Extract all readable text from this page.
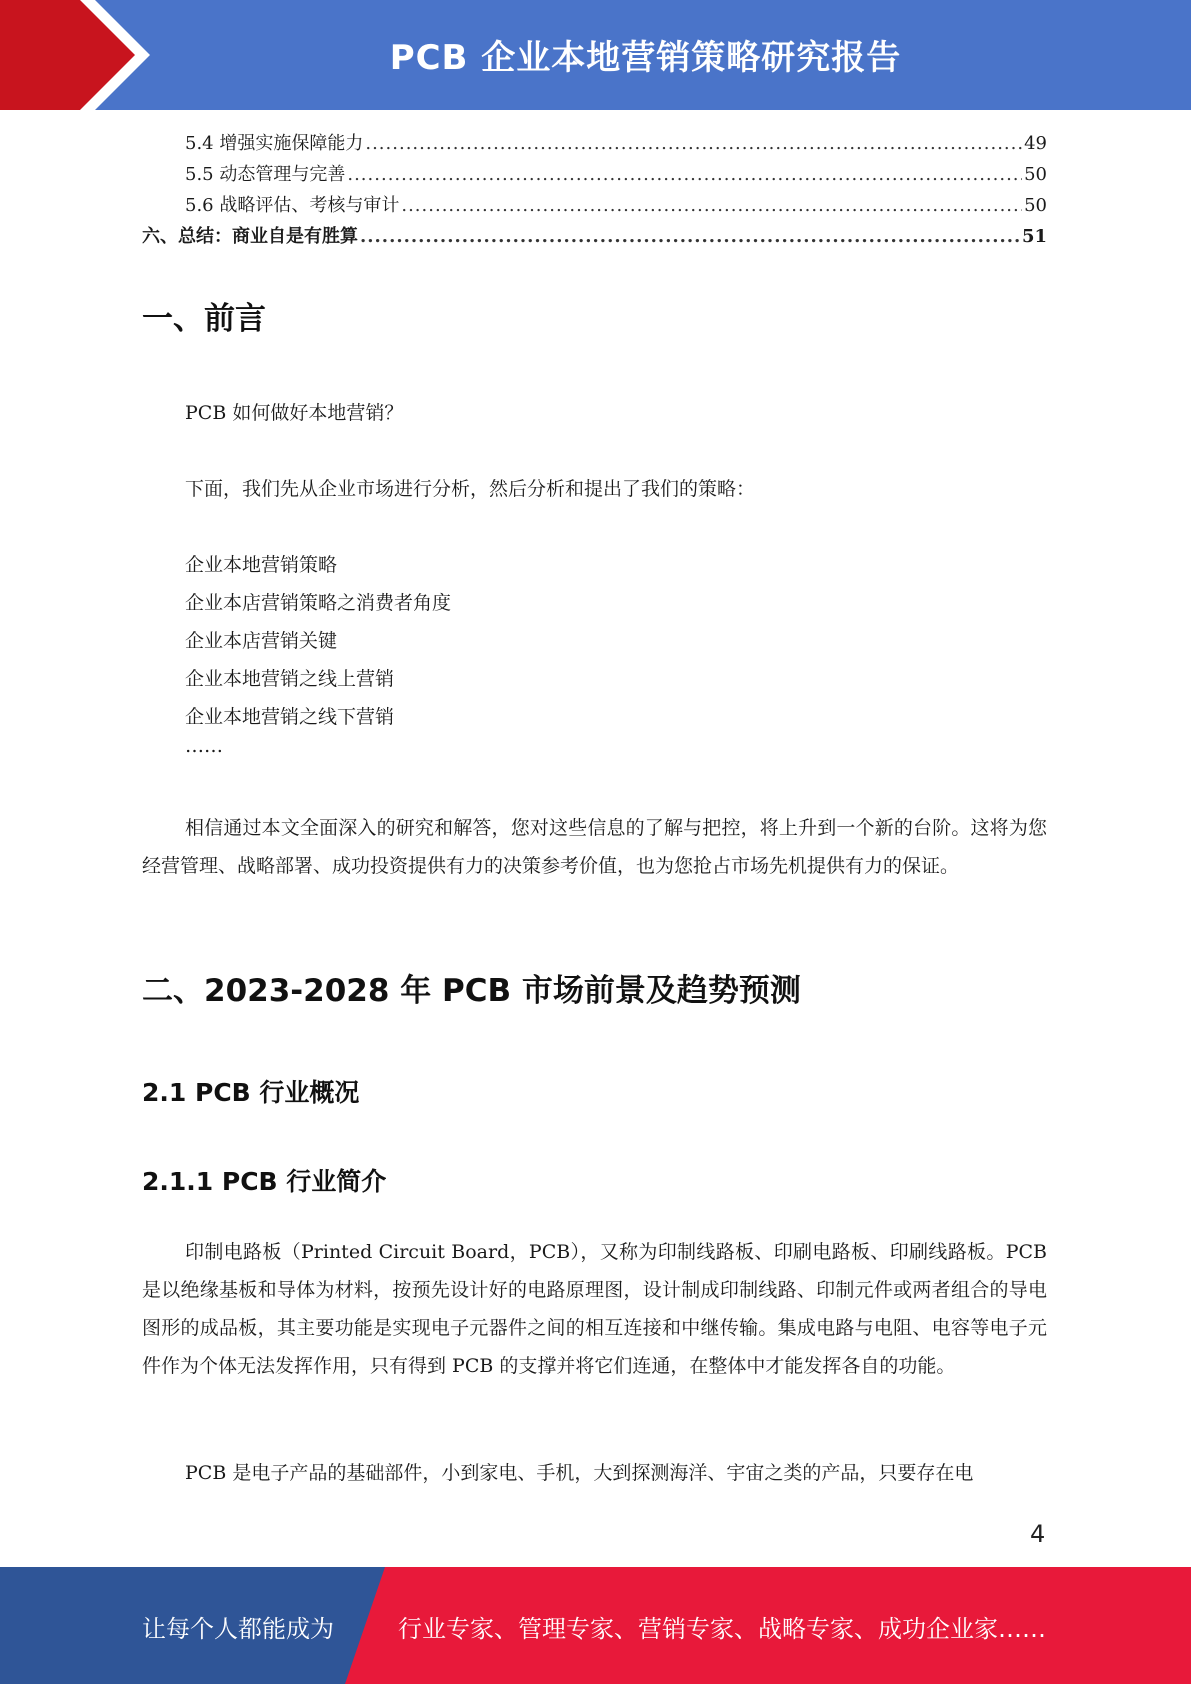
PCB 企业本地营销策略研究报告
5.4 增强实施保障能力 .....	49
5.5 动态管理与完善 .....	50
5.6 战略评估、考核与审计 .....	50
六、总结：商业自是有胜算 .....	51
一、前言
PCB 如何做好本地营销？
下面，我们先从企业市场进行分析，然后分析和提出了我们的策略：
企业本地营销策略
企业本店营销策略之消费者角度
企业本店营销关键
企业本地营销之线上营销
企业本地营销之线下营销
……
相信通过本文全面深入的研究和解答，您对这些信息的了解与把控，将上升到一个新的台阶。这将为您经营管理、战略部署、成功投资提供有力的决策参考价值，也为您抢占市场先机提供有力的保证。
二、2023-2028 年 PCB 市场前景及趋势预测
2.1 PCB 行业概况
2.1.1 PCB 行业简介
印制电路板（Printed Circuit Board，PCB），又称为印制线路板、印刷电路板、印刷线路板。PCB 是以绝缘基板和导体为材料，按预先设计好的电路原理图，设计制成印制线路、印制元件或两者组合的导电图形的成品板，其主要功能是实现电子元器件之间的相互连接和中继传输。集成电路与电阻、电容等电子元件作为个体无法发挥作用，只有得到 PCB 的支撑并将它们连通，在整体中才能发挥各自的功能。
PCB 是电子产品的基础部件，小到家电、手机，大到探测海洋、宇宙之类的产品，只要存在电
4
让每个人都能成为	行业专家、管理专家、营销专家、战略专家、成功企业家……
